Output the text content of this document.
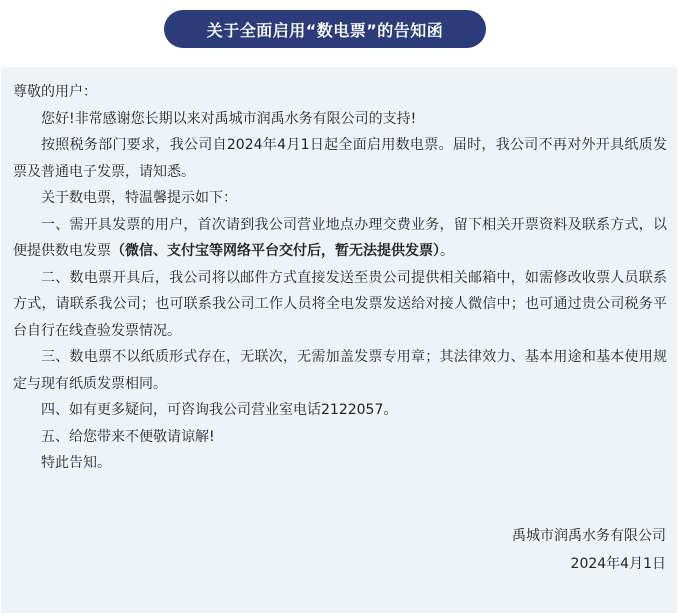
关于全面启用“数电票”的告知函

尊敬的用户：

您好!非常感谢您长期以来对禹城市润禹水务有限公司的支持!

按照税务部门要求，我公司自2024年4月1日起全面启用数电票。届时，我公司不再对外开具纸质发票及普通电子发票，请知悉。

关于数电票，特温馨提示如下：

一、需开具发票的用户，首次请到我公司营业地点办理交费业务，留下相关开票资料及联系方式，以便提供数电发票（微信、支付宝等网络平台交付后，暂无法提供发票）。

二、数电票开具后，我公司将以邮件方式直接发送至贵公司提供相关邮箱中，如需修改收票人员联系方式，请联系我公司；也可联系我公司工作人员将全电发票发送给对接人微信中；也可通过贵公司税务平台自行在线查验发票情况。

三、数电票不以纸质形式存在，无联次，无需加盖发票专用章；其法律效力、基本用途和基本使用规定与现有纸质发票相同。

四、如有更多疑问，可咨询我公司营业室电话2122057。

五、给您带来不便敬请谅解!

特此告知。

禹城市润禹水务有限公司
2024年4月1日
